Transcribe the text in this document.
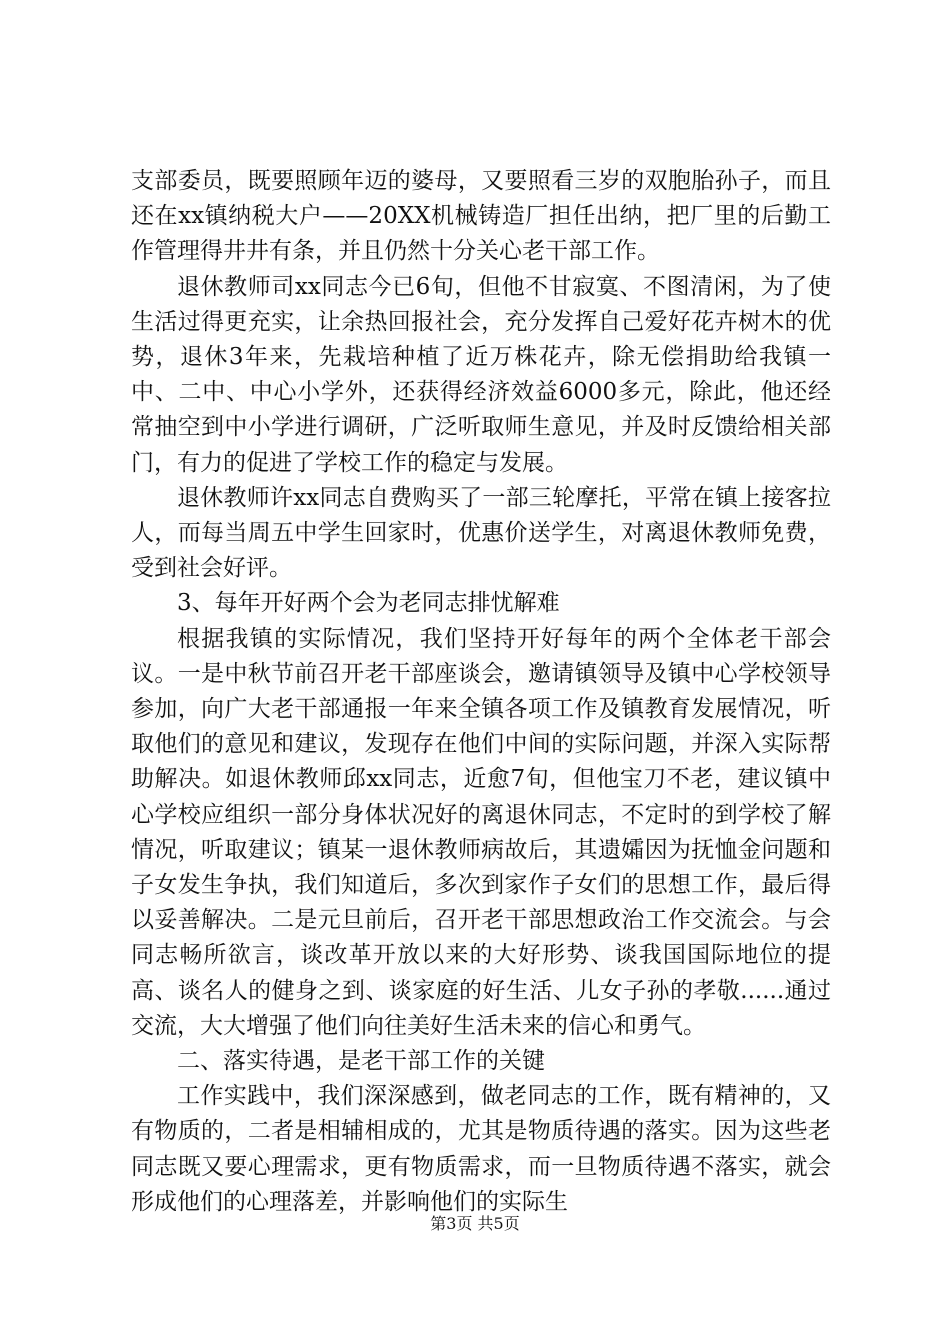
支部委员，既要照顾年迈的婆母，又要照看三岁的双胞胎孙子，而且还在xx镇纳税大户——20XX机械铸造厂担任出纳，把厂里的后勤工作管理得井井有条，并且仍然十分关心老干部工作。

退休教师司xx同志今已6旬，但他不甘寂寞、不图清闲，为了使生活过得更充实，让余热回报社会，充分发挥自己爱好花卉树木的优势，退休3年来，先栽培种植了近万株花卉，除无偿捐助给我镇一中、二中、中心小学外，还获得经济效益6000多元，除此，他还经常抽空到中小学进行调研，广泛听取师生意见，并及时反馈给相关部门，有力的促进了学校工作的稳定与发展。

退休教师许xx同志自费购买了一部三轮摩托，平常在镇上接客拉人，而每当周五中学生回家时，优惠价送学生，对离退休教师免费，受到社会好评。

3、每年开好两个会为老同志排忧解难

根据我镇的实际情况，我们坚持开好每年的两个全体老干部会议。一是中秋节前召开老干部座谈会，邀请镇领导及镇中心学校领导参加，向广大老干部通报一年来全镇各项工作及镇教育发展情况，听取他们的意见和建议，发现存在他们中间的实际问题，并深入实际帮助解决。如退休教师邱xx同志，近愈7旬，但他宝刀不老，建议镇中心学校应组织一部分身体状况好的离退休同志，不定时的到学校了解情况，听取建议；镇某一退休教师病故后，其遗孀因为抚恤金问题和子女发生争执，我们知道后，多次到家作子女们的思想工作，最后得以妥善解决。二是元旦前后，召开老干部思想政治工作交流会。与会同志畅所欲言，谈改革开放以来的大好形势、谈我国国际地位的提高、谈名人的健身之到、谈家庭的好生活、儿女子孙的孝敬......通过交流，大大增强了他们向往美好生活未来的信心和勇气。

二、落实待遇，是老干部工作的关键

工作实践中，我们深深感到，做老同志的工作，既有精神的，又有物质的，二者是相辅相成的，尤其是物质待遇的落实。因为这些老同志既又要心理需求，更有物质需求，而一旦物质待遇不落实，就会形成他们的心理落差，并影响他们的实际生

第3页 共5页
